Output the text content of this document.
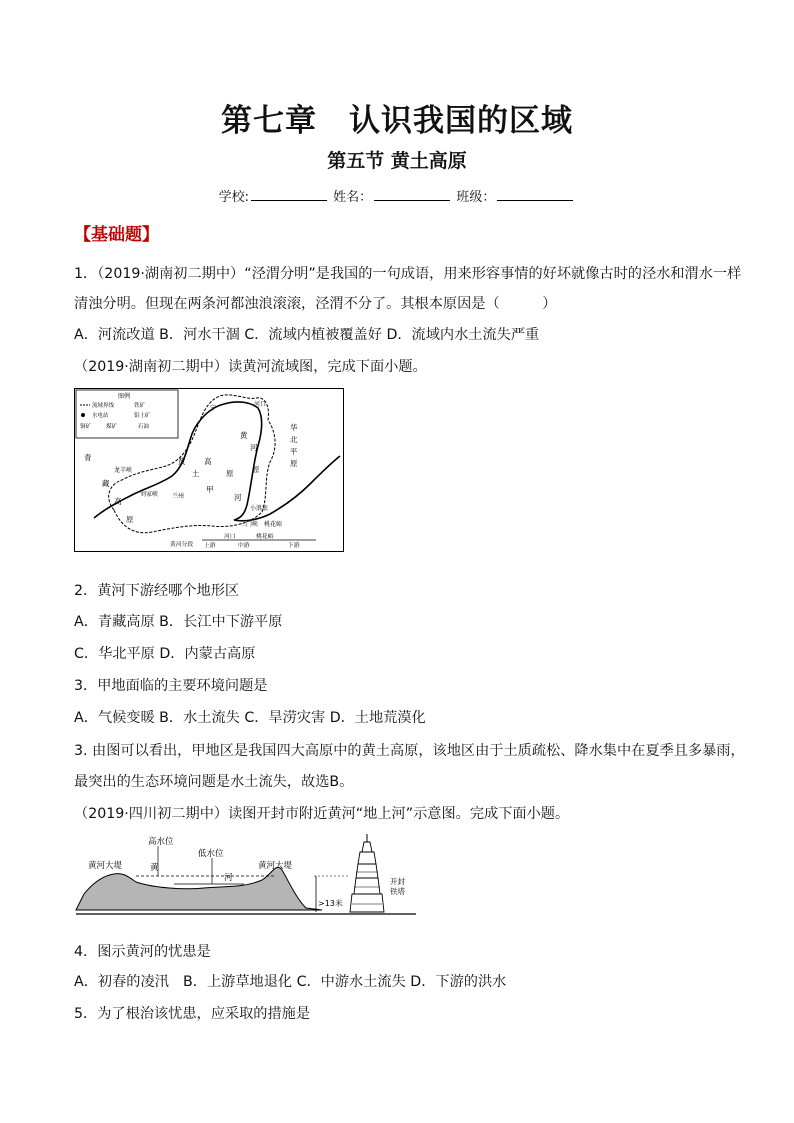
第七章　认识我国的区域
第五节 黄土高原
学校:	姓名：	班级：
【基础题】
1．（2019·湖南初二期中）“泾渭分明”是我国的一句成语，用来形容事情的好坏就像古时的泾水和渭水一样
清浊分明。但现在两条河都浊浪滚滚，泾渭不分了。其根本原因是（　　　）
A．河流改道 B．河水干涸 C．流域内植被覆盖好 D．流域内水土流失严重
（2019·湖南初二期中）读黄河流域图，完成下面小题。
图例
流域界线	铁矿
水电站	铝土矿
铜矿	煤矿	石油
青
藏
高
原
龙羊峡
刘家峡 兰州
黄
土
高
原
甲
河
黄
河
原
宁
河口
华
北
平
原
小浪底
三门峡 桃花峪
黄河分段 上游
河口
中游
桃花峪
下游
2．黄河下游经哪个地形区
A．青藏高原 B．长江中下游平原
C．华北平原 D．内蒙古高原
3．甲地面临的主要环境问题是
A．气候变暖 B．水土流失 C．旱涝灾害 D．土地荒漠化
3. 由图可以看出，甲地区是我国四大高原中的黄土高原，该地区由于土质疏松、降水集中在夏季且多暴雨，
最突出的生态环境问题是水土流失，故选B。
（2019·四川初二期中）读图开封市附近黄河“地上河”示意图。完成下面小题。
高水位
低水位
黄河大堤	黄
河
黄河大堤
>13米
开封
铁塔
4．图示黄河的忧患是
A．初春的凌汛　B．上游草地退化 C．中游水土流失 D．下游的洪水
5．为了根治该忧患，应采取的措施是
